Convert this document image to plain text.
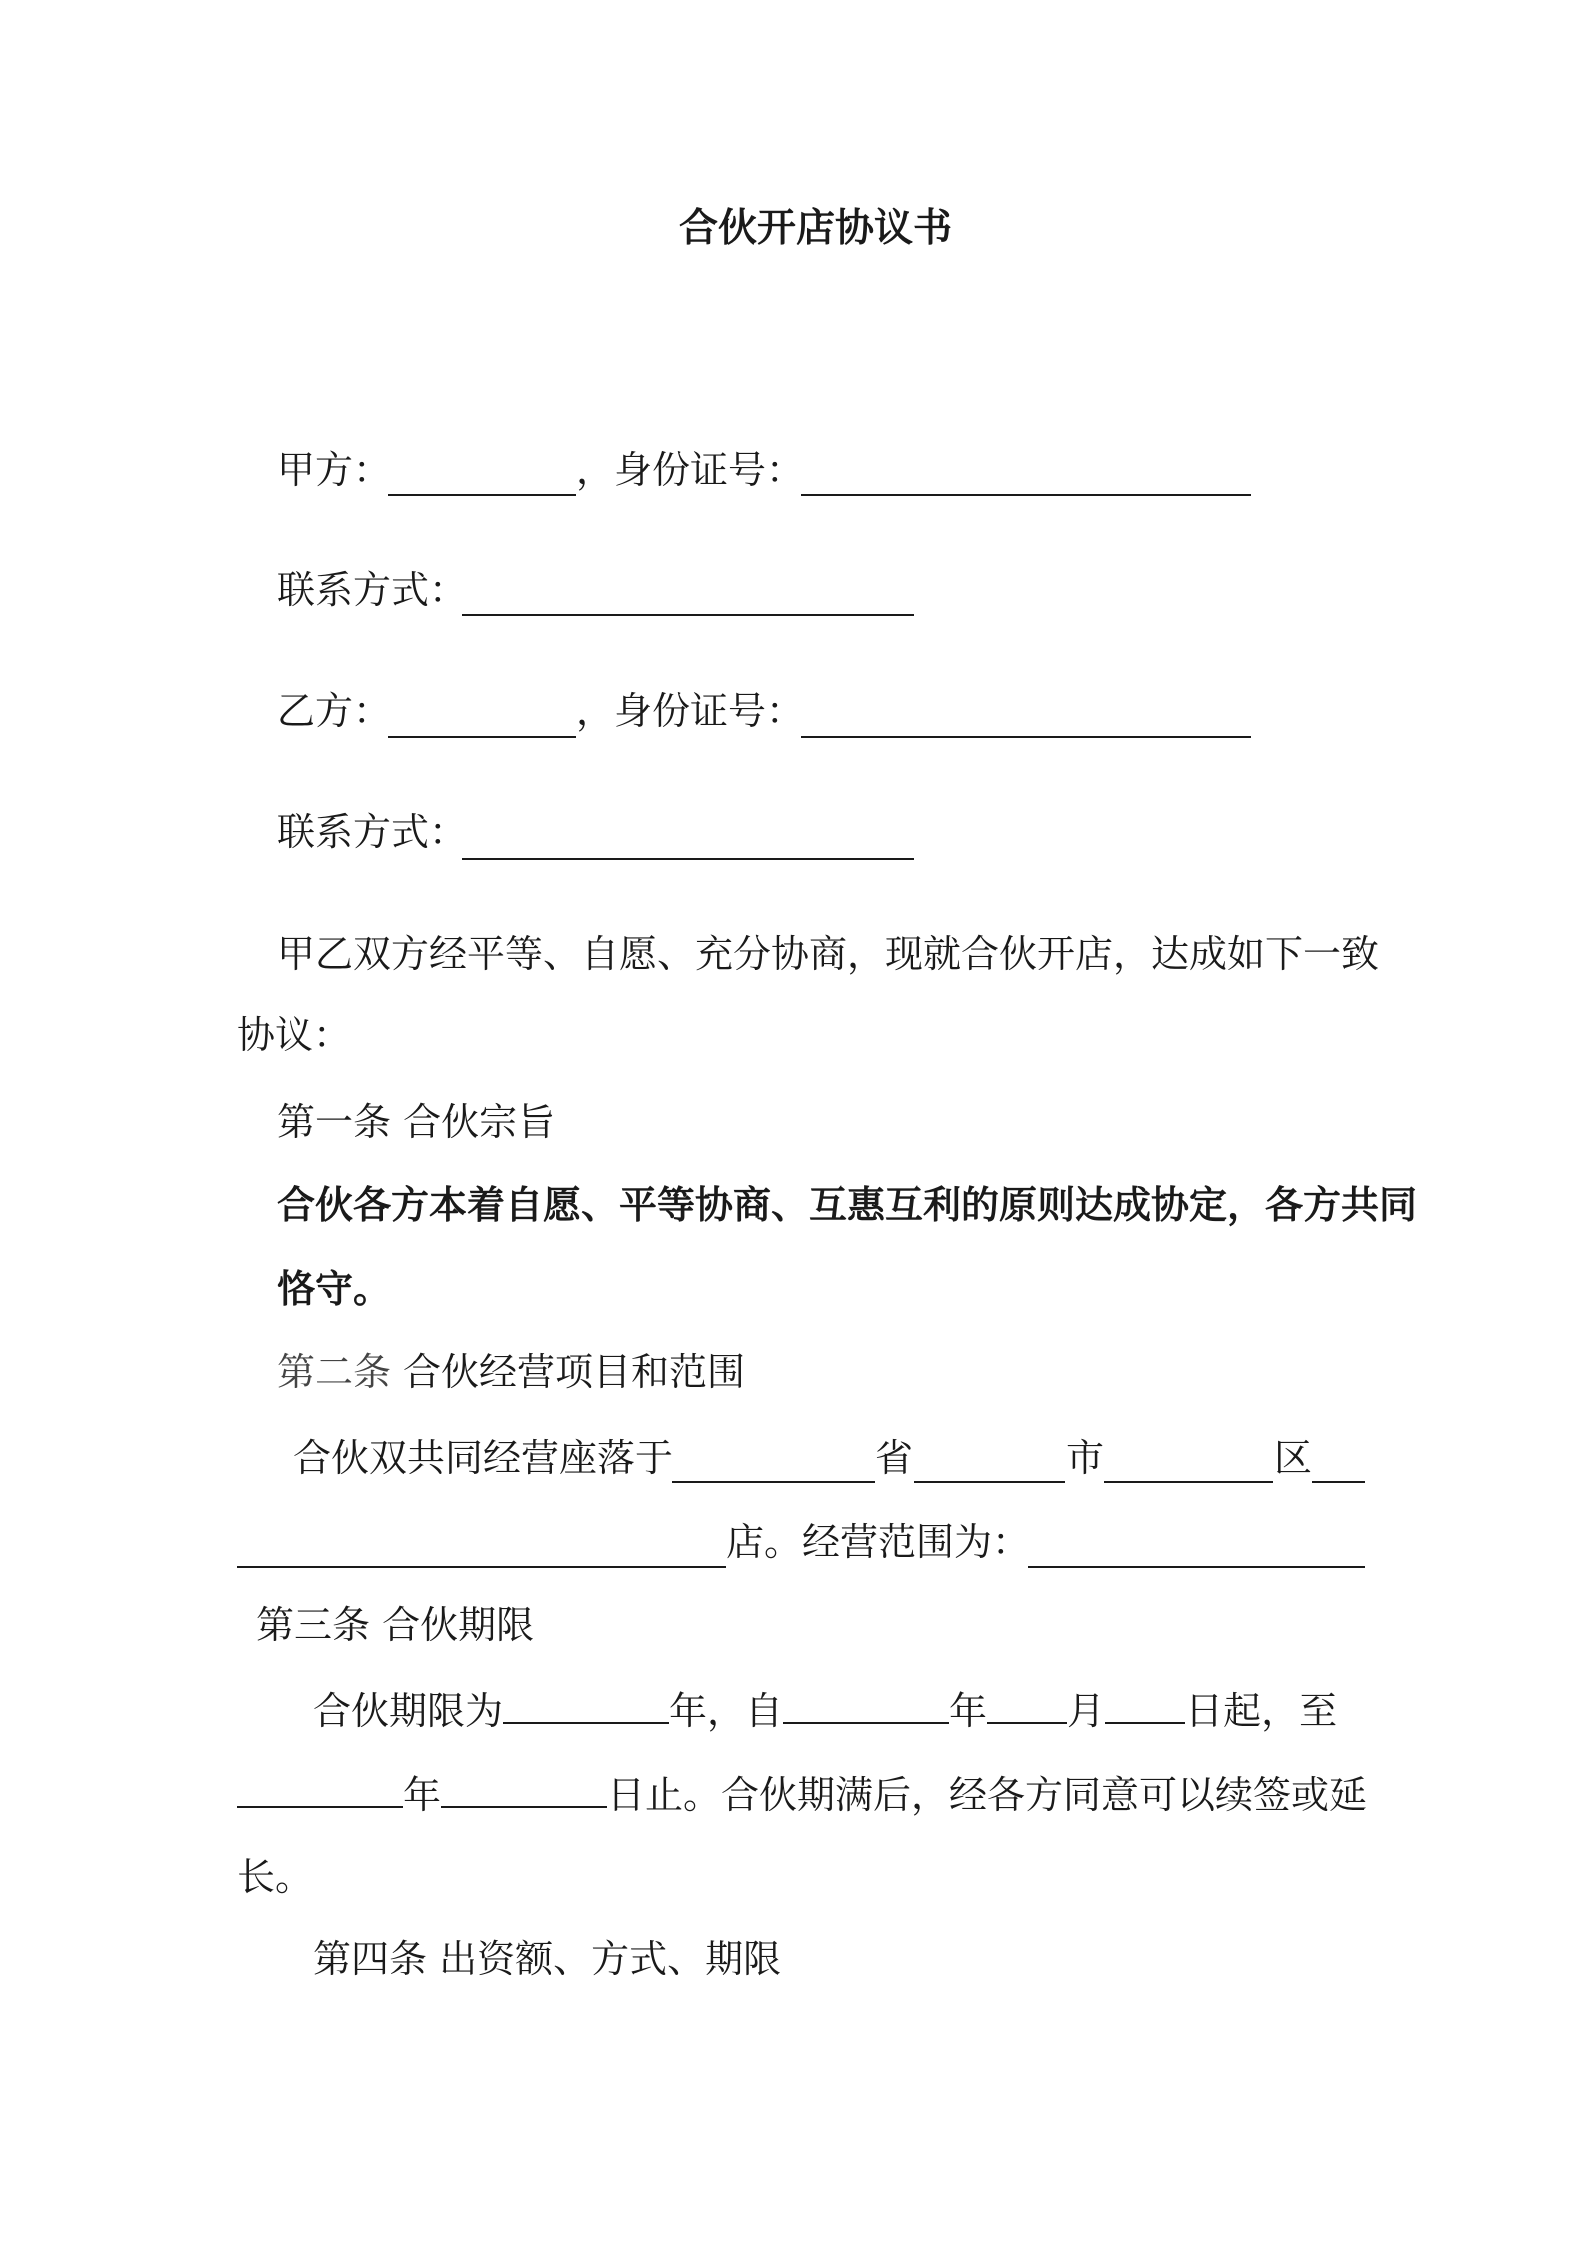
合伙开店协议书
甲方：	，身份证号：
联系方式：
乙方：	，身份证号：
联系方式：
甲乙双方经平等、自愿、充分协商，现就合伙开店，达成如下一致
协议：
第一条 合伙宗旨
合伙各方本着自愿、平等协商、互惠互利的原则达成协定，各方共同
恪守。
第二条 合伙经营项目和范围
合伙双共同经营座落于	省	市	区
店。经营范围为：
第三条 合伙期限
合伙期限为	年，自	年 月 日起，至
年	日止。合伙期满后，经各方同意可以续签或延
长。
第四条 出资额、方式、期限
